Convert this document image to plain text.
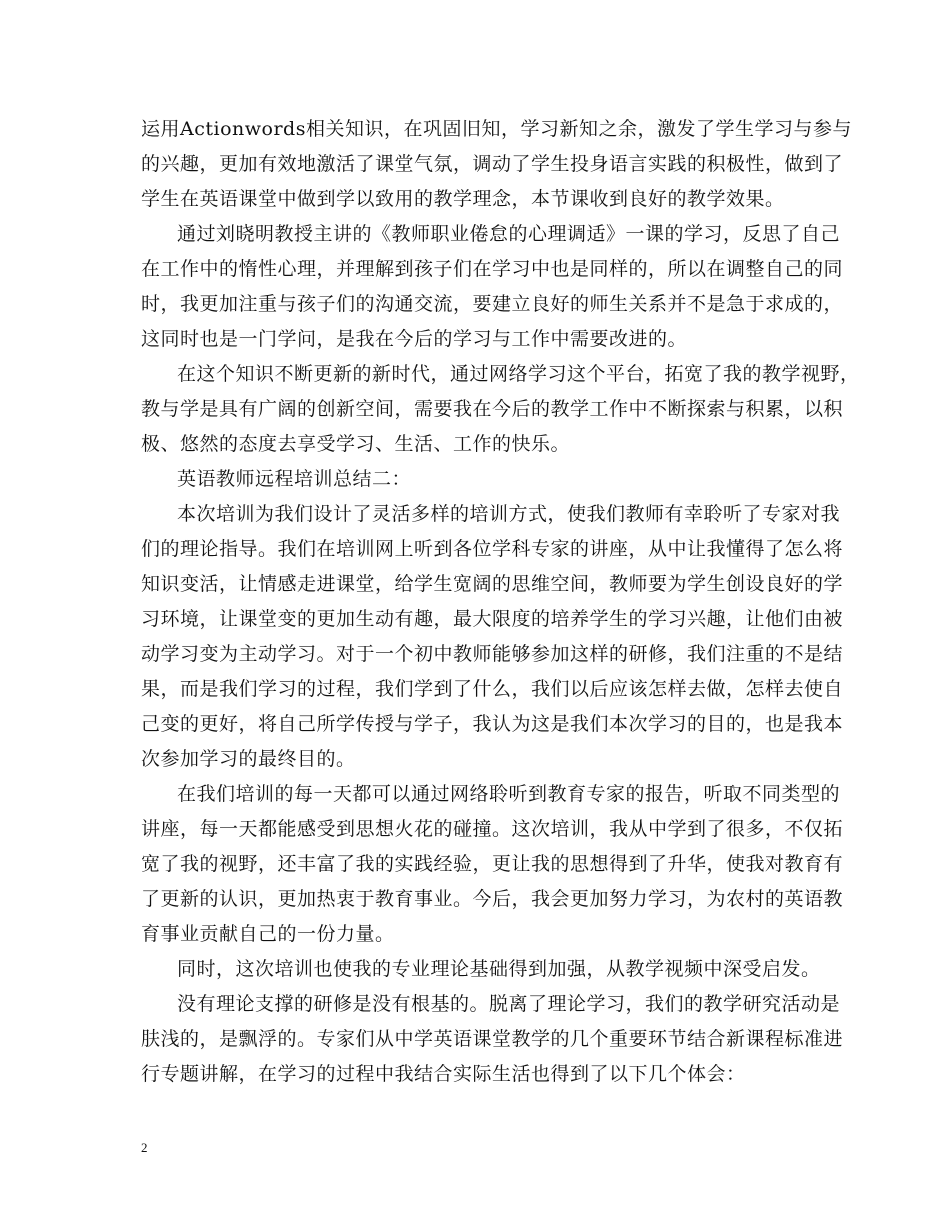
运用Actionwords相关知识，在巩固旧知，学习新知之余，激发了学生学习与参与
的兴趣，更加有效地激活了课堂气氛，调动了学生投身语言实践的积极性，做到了
学生在英语课堂中做到学以致用的教学理念，本节课收到良好的教学效果。
通过刘晓明教授主讲的《教师职业倦怠的心理调适》一课的学习，反思了自己
在工作中的惰性心理，并理解到孩子们在学习中也是同样的，所以在调整自己的同
时，我更加注重与孩子们的沟通交流，要建立良好的师生关系并不是急于求成的，
这同时也是一门学问，是我在今后的学习与工作中需要改进的。
在这个知识不断更新的新时代，通过网络学习这个平台，拓宽了我的教学视野，
教与学是具有广阔的创新空间，需要我在今后的教学工作中不断探索与积累，以积
极、悠然的态度去享受学习、生活、工作的快乐。
英语教师远程培训总结二：
本次培训为我们设计了灵活多样的培训方式，使我们教师有幸聆听了专家对我
们的理论指导。我们在培训网上听到各位学科专家的讲座，从中让我懂得了怎么将
知识变活，让情感走进课堂，给学生宽阔的思维空间，教师要为学生创设良好的学
习环境，让课堂变的更加生动有趣，最大限度的培养学生的学习兴趣，让他们由被
动学习变为主动学习。对于一个初中教师能够参加这样的研修，我们注重的不是结
果，而是我们学习的过程，我们学到了什么，我们以后应该怎样去做，怎样去使自
己变的更好，将自己所学传授与学子，我认为这是我们本次学习的目的，也是我本
次参加学习的最终目的。
在我们培训的每一天都可以通过网络聆听到教育专家的报告，听取不同类型的
讲座，每一天都能感受到思想火花的碰撞。这次培训，我从中学到了很多，不仅拓
宽了我的视野，还丰富了我的实践经验，更让我的思想得到了升华，使我对教育有
了更新的认识，更加热衷于教育事业。今后，我会更加努力学习，为农村的英语教
育事业贡献自己的一份力量。
同时，这次培训也使我的专业理论基础得到加强，从教学视频中深受启发。
没有理论支撑的研修是没有根基的。脱离了理论学习，我们的教学研究活动是
肤浅的，是飘浮的。专家们从中学英语课堂教学的几个重要环节结合新课程标准进
行专题讲解，在学习的过程中我结合实际生活也得到了以下几个体会：
2
